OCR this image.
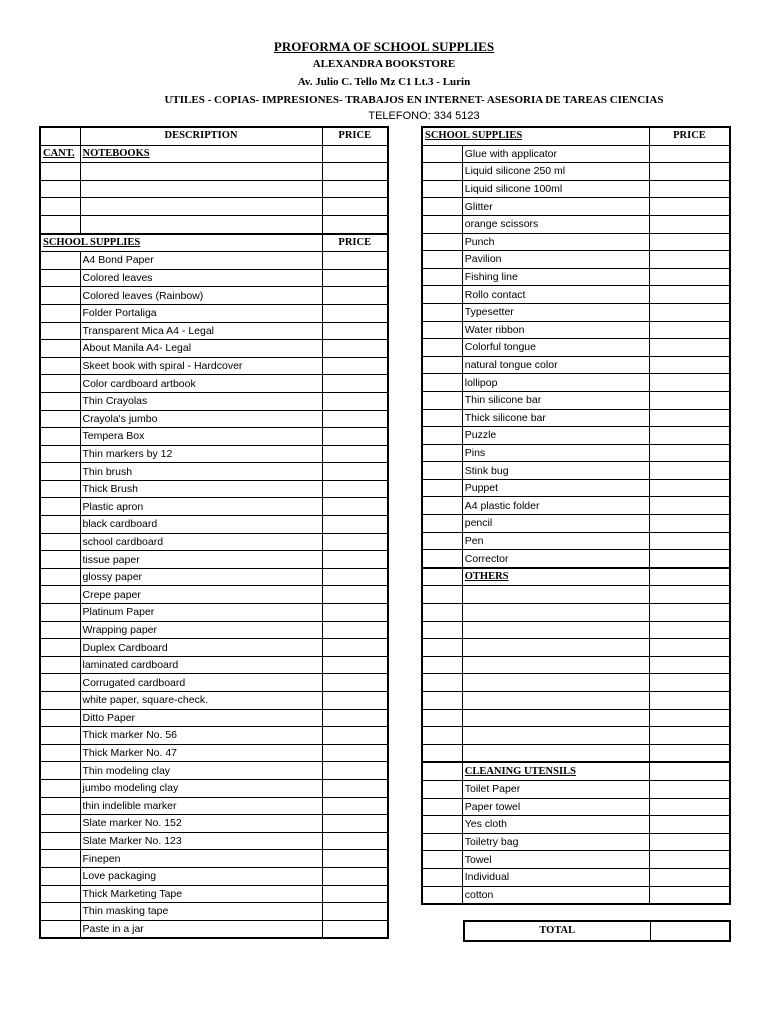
PROFORMA OF SCHOOL SUPPLIES
ALEXANDRA BOOKSTORE
Av. Julio C. Tello Mz C1 Lt.3 - Lurin
UTILES - COPIAS- IMPRESIONES- TRABAJOS EN INTERNET- ASESORIA DE TAREAS CIENCIAS
TELEFONO: 334 5123
	DESCRIPTION	PRICE
CANT.	NOTEBOOKS	

SCHOOL SUPPLIES		PRICE
	A4 Bond Paper	
	Colored leaves	
	Colored leaves (Rainbow)	
	Folder Portaliga	
	Transparent Mica A4 - Legal	
	About Manila A4- Legal	
	Skeet book with spiral - Hardcover	
	Color cardboard artbook	
	Thin Crayolas	
	Crayola's jumbo	
	Tempera Box	
	Thin markers by 12	
	Thin brush	
	Thick Brush	
	Plastic apron	
	black cardboard	
	school cardboard	
	tissue paper	
	glossy paper	
	Crepe paper	
	Platinum Paper	
	Wrapping paper	
	Duplex Cardboard	
	laminated cardboard	
	Corrugated cardboard	
	white paper, square-check.	
	Ditto Paper	
	Thick marker No. 56	
	Thick Marker No. 47	
	Thin modeling clay	
	jumbo modeling clay	
	thin indelible marker	
	Slate marker No. 152	
	Slate Marker No. 123	
	Finepen	
	Love packaging	
	Thick Marketing Tape	
	Thin masking tape	
	Paste in a jar	
SCHOOL SUPPLIES		PRICE
	Glue with applicator	
	Liquid silicone 250 ml	
	Liquid silicone 100ml	
	Glitter	
	orange scissors	
	Punch	
	Pavilion	
	Fishing line	
	Rollo contact	
	Typesetter	
	Water ribbon	
	Colorful tongue	
	natural tongue color	
	lollipop	
	Thin silicone bar	
	Thick silicone bar	
	Puzzle	
	Pins	
	Stink bug	
	Puppet	
	A4 plastic folder	
	pencil	
	Pen	
	Corrector	
	OTHERS	

	CLEANING UTENSILS	
	Toilet Paper	
	Paper towel	
	Yes cloth	
	Toiletry bag	
	Towel	
	Individual	
	cotton	
TOTAL	
